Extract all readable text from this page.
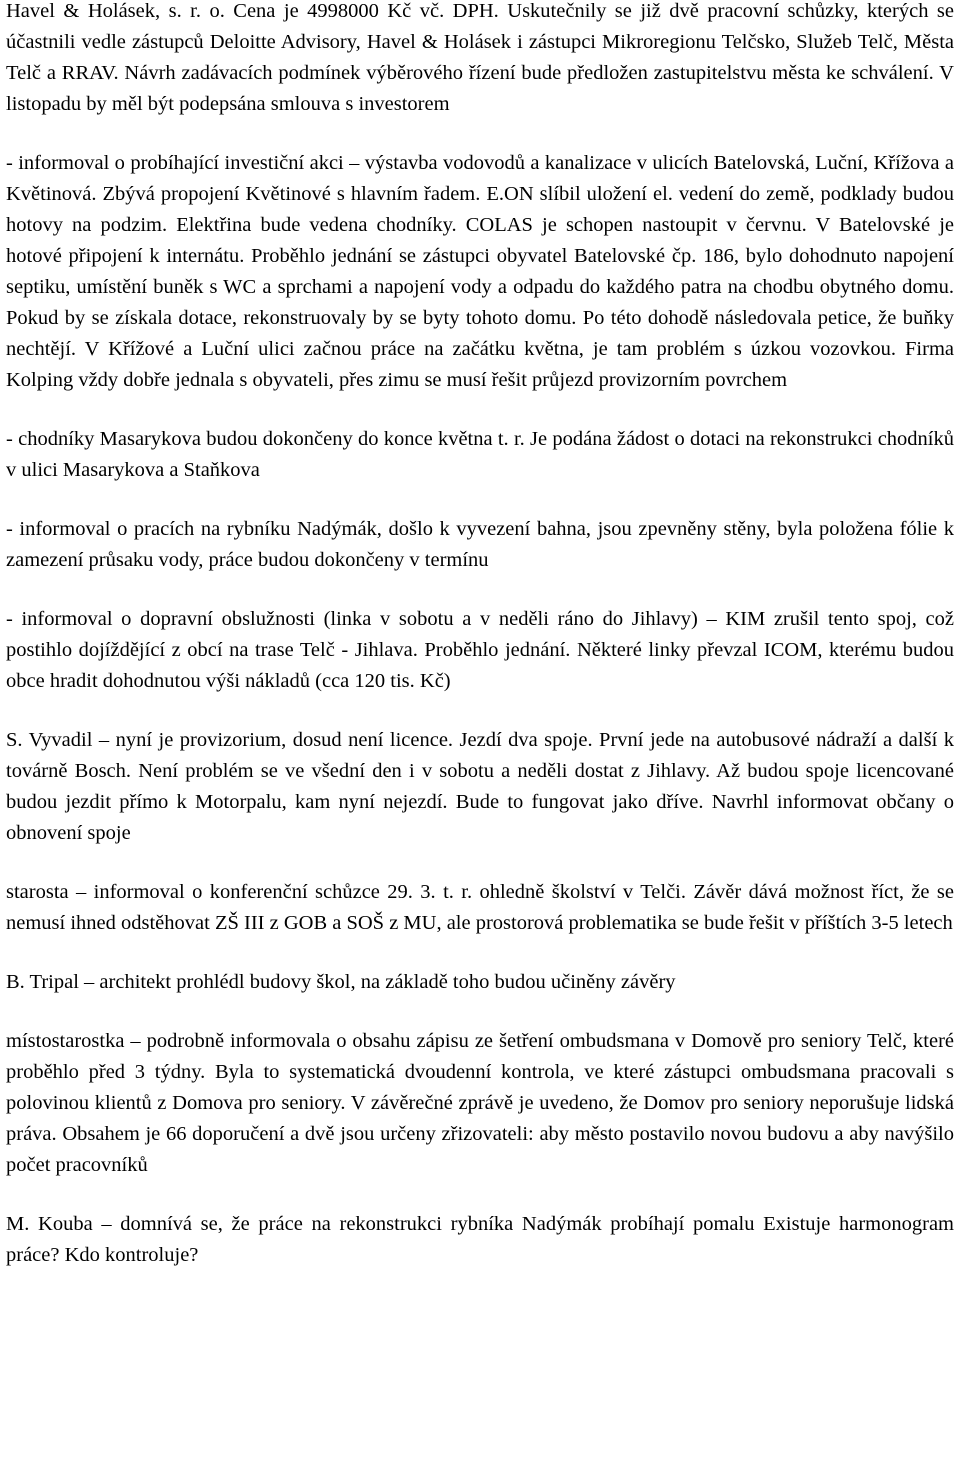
Havel & Holásek, s. r. o. Cena je 4998000 Kč vč. DPH. Uskutečnily se již dvě pracovní schůzky, kterých se účastnili vedle zástupců Deloitte Advisory, Havel & Holásek i zástupci Mikroregionu Telčsko, Služeb Telč, Města Telč a RRAV. Návrh zadávacích podmínek výběrového řízení bude předložen zastupitelstvu města ke schválení. V listopadu by měl být podepsána smlouva s investorem

- informoval o probíhající investiční akci – výstavba vodovodů a kanalizace v ulicích Batelovská, Luční, Křížova a Květinová. Zbývá propojení Květinové s hlavním řadem. E.ON slíbil uložení el. vedení do země, podklady budou hotovy na podzim. Elektřina bude vedena chodníky. COLAS je schopen nastoupit v červnu. V Batelovské je hotové připojení k internátu. Proběhlo jednání se zástupci obyvatel Batelovské čp. 186, bylo dohodnuto napojení septiku, umístění buněk s WC a sprchami a napojení vody a odpadu do každého patra na chodbu obytného domu. Pokud by se získala dotace, rekonstruovaly by se byty tohoto domu. Po této dohodě následovala petice, že buňky nechtějí. V Křížové a Luční ulici začnou práce na začátku května, je tam problém s úzkou vozovkou. Firma Kolping vždy dobře jednala s obyvateli, přes zimu se musí řešit průjezd provizorním povrchem

- chodníky Masarykova budou dokončeny do konce května t. r. Je podána žádost o dotaci na rekonstrukci chodníků v ulici Masarykova a Staňkova

- informoval o pracích na rybníku Nadýmák, došlo k vyvezení bahna, jsou zpevněny stěny, byla položena fólie k zamezení průsaku vody, práce budou dokončeny v termínu

- informoval o dopravní obslužnosti (linka v sobotu a v neděli ráno do Jihlavy) – KIM zrušil tento spoj, což postihlo dojíždějící z obcí na trase Telč - Jihlava. Proběhlo jednání. Některé linky převzal ICOM, kterému budou obce hradit dohodnutou výši nákladů (cca 120 tis. Kč)

S. Vyvadil – nyní je provizorium, dosud není licence. Jezdí dva spoje. První jede na autobusové nádraží a další k továrně Bosch. Není problém se ve všední den i v sobotu a neděli dostat z Jihlavy. Až budou spoje licencované budou jezdit přímo k Motorpalu, kam nyní nejezdí. Bude to fungovat jako dříve. Navrhl informovat občany o obnovení spoje

starosta – informoval o konferenční schůzce 29. 3. t. r. ohledně školství v Telči. Závěr dává možnost říct, že se nemusí ihned odstěhovat ZŠ III z GOB a SOŠ z MU, ale prostorová problematika se bude řešit v příštích 3-5 letech

B. Tripal – architekt prohlédl budovy škol, na základě toho budou učiněny závěry

místostarostka – podrobně informovala o obsahu zápisu ze šetření ombudsmana v Domově pro seniory Telč, které proběhlo před 3 týdny. Byla to systematická dvoudenní kontrola, ve které zástupci ombudsmana pracovali s polovinou klientů z Domova pro seniory. V závěrečné zprávě je uvedeno, že Domov pro seniory neporušuje lidská práva. Obsahem je 66 doporučení a dvě jsou určeny zřizovateli: aby město postavilo novou budovu a aby navýšilo počet pracovníků

M. Kouba – domnívá se, že práce na rekonstrukci rybníka Nadýmák probíhají pomalu Existuje harmonogram práce? Kdo kontroluje?
